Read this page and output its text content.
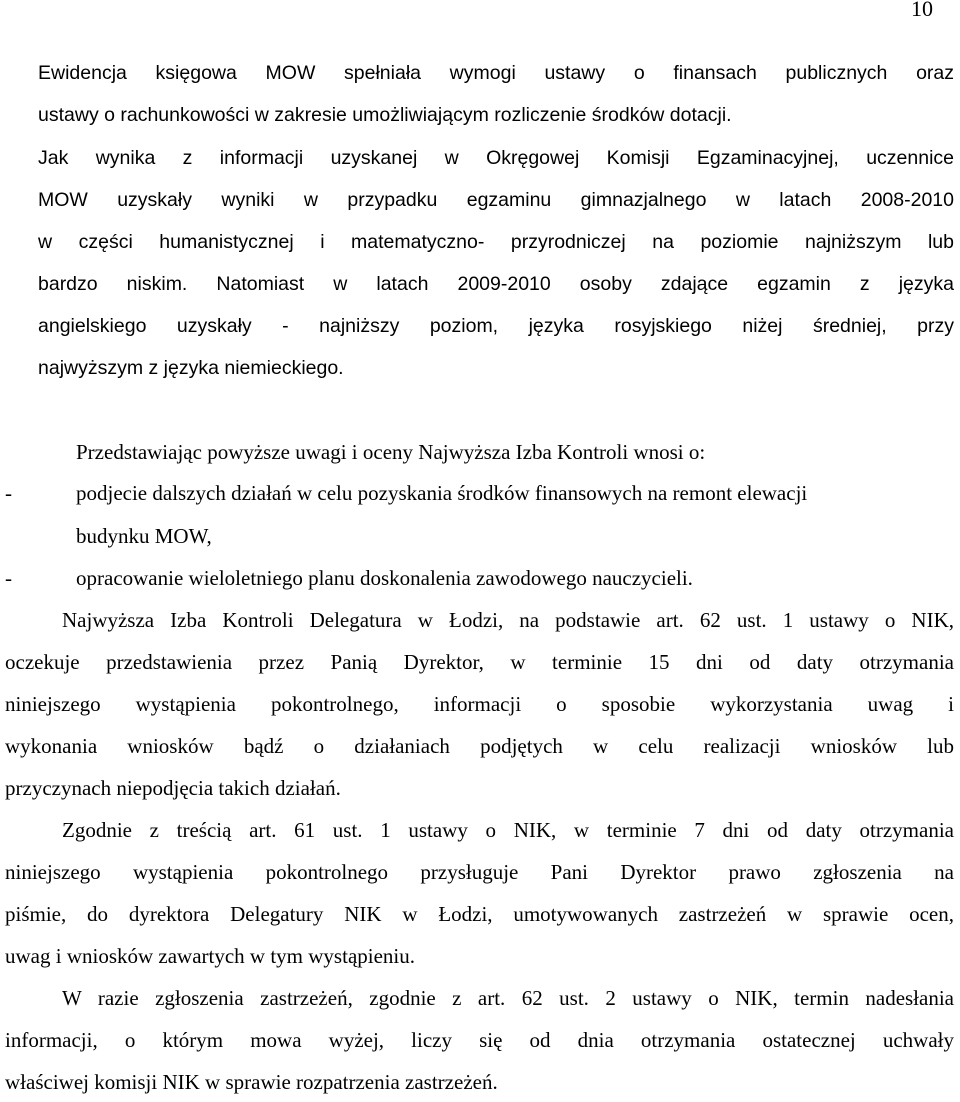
10
Ewidencja księgowa MOW spełniała wymogi ustawy o finansach publicznych oraz
ustawy o rachunkowości w zakresie umożliwiającym rozliczenie środków dotacji.
Jak wynika z informacji uzyskanej w Okręgowej Komisji Egzaminacyjnej, uczennice
MOW uzyskały wyniki w przypadku egzaminu gimnazjalnego w latach 2008-2010
w części humanistycznej i matematyczno- przyrodniczej na poziomie najniższym lub
bardzo niskim. Natomiast w latach 2009-2010 osoby zdające egzamin z języka
angielskiego uzyskały - najniższy poziom, języka rosyjskiego niżej średniej, przy
najwyższym z języka niemieckiego.
Przedstawiając powyższe uwagi i oceny Najwyższa Izba Kontroli wnosi o:
-	podjecie dalszych działań w celu pozyskania środków finansowych na remont elewacji
budynku MOW,
-	opracowanie wieloletniego planu doskonalenia zawodowego nauczycieli.
Najwyższa Izba Kontroli Delegatura w Łodzi, na podstawie art. 62 ust. 1 ustawy o NIK,
oczekuje przedstawienia przez Panią Dyrektor, w terminie 15 dni od daty otrzymania
niniejszego wystąpienia pokontrolnego, informacji o sposobie wykorzystania uwag i
wykonania wniosków bądź o działaniach podjętych w celu realizacji wniosków lub
przyczynach niepodjęcia takich działań.
Zgodnie z treścią art. 61 ust. 1 ustawy o NIK, w terminie 7 dni od daty otrzymania
niniejszego wystąpienia pokontrolnego przysługuje Pani Dyrektor prawo zgłoszenia na
piśmie, do dyrektora Delegatury NIK w Łodzi, umotywowanych zastrzeżeń w sprawie ocen,
uwag i wniosków zawartych w tym wystąpieniu.
W razie zgłoszenia zastrzeżeń, zgodnie z art. 62 ust. 2 ustawy o NIK, termin nadesłania
informacji, o którym mowa wyżej, liczy się od dnia otrzymania ostatecznej uchwały
właściwej komisji NIK w sprawie rozpatrzenia zastrzeżeń.
